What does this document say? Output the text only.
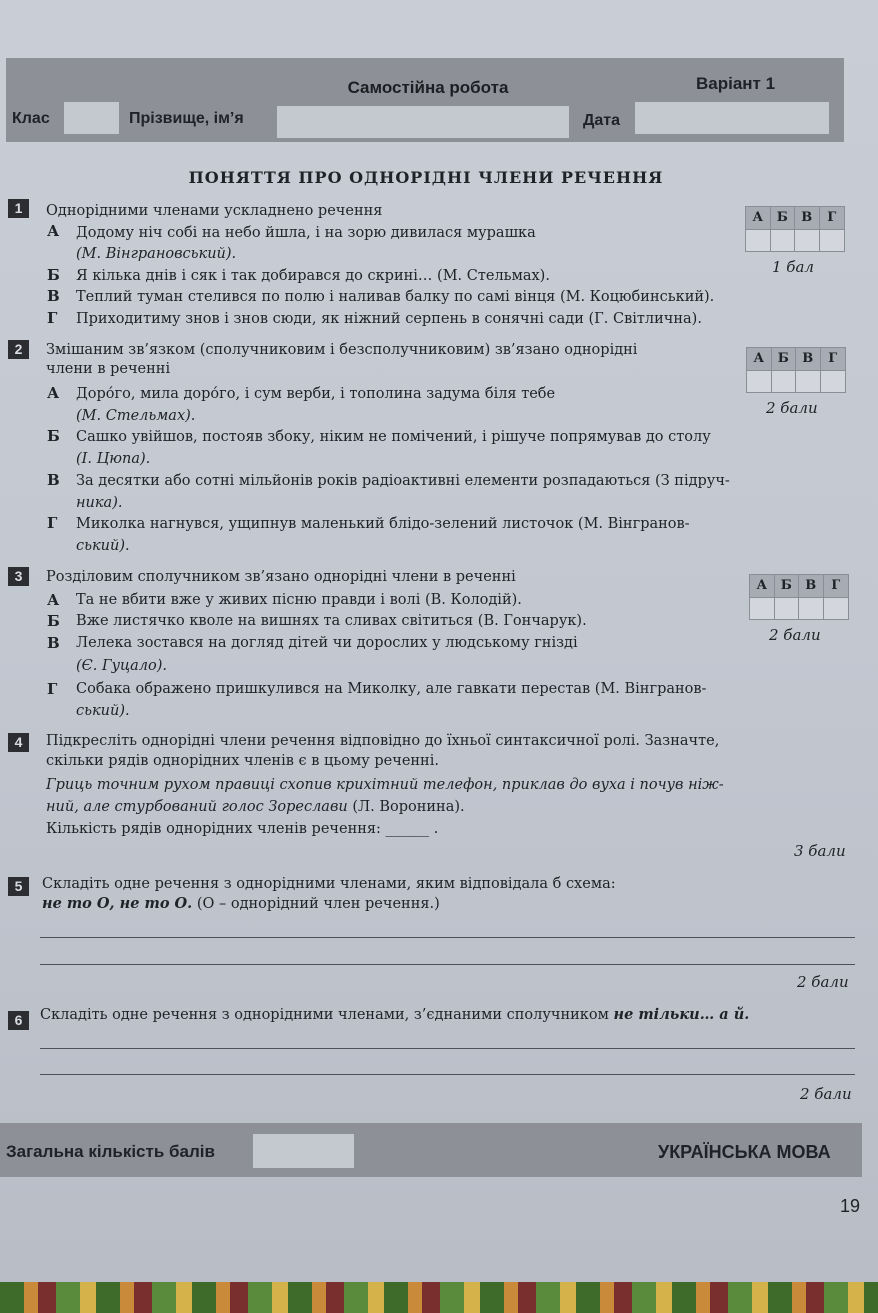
Самостійна робота	Варіант 1
Клас	Прізвище, ім’я	Дата
ПОНЯТТЯ ПРО ОДНОРІДНІ ЧЛЕНИ РЕЧЕННЯ
1	Однорідними членами ускладнено речення
А Додому ніч собі на небо йшла, і на зорю дивилася мурашка
(М. Вінграновський).
Б Я кілька днів і сяк і так добирався до скрині… (М. Стельмах).
В Теплий туман стелився по полю і наливав балку по самі вінця (М. Коцюбинський).
Г Приходитиму знов і знов сюди, як ніжний серпень в сонячні сади (Г. Світлична).
А	Б	В	Г
1 бал
2	Змішаним зв’язком (сполучниковим і безсполучниковим) зв’язано однорідні
члени в реченні
А Доро́го, мила доро́го, і сум верби, і тополина задума біля тебе
(М. Стельмах).
Б Сашко увійшов, постояв збоку, ніким не помічений, і рішуче попрямував до столу
(І. Цюпа).
В За десятки або сотні мільйонів років радіоактивні елементи розпадаються (З підруч-
ника).
Г Миколка нагнувся, ущипнув маленький блідо-зелений листочок (М. Вінгранов-
ський).
А	Б	В	Г
2 бали
3	Розділовим сполучником зв’язано однорідні члени в реченні
А Та не вбити вже у живих пісню правди і волі (В. Колодій).
Б Вже листячко кволе на вишнях та сливах світиться (В. Гончарук).
В Лелека зостався на догляд дітей чи дорослих у людському гнізді
(Є. Гуцало).
Г Собака ображено пришкулився на Миколку, але гавкати перестав (М. Вінгранов-
ський).
А	Б	В	Г
2 бали
4	Підкресліть однорідні члени речення відповідно до їхньої синтаксичної ролі. Зазначте,
скільки рядів однорідних членів є в цьому реченні.
Гриць точним рухом правиці схопив крихітний телефон, приклав до вуха і почув ніж-
ний, але стурбований голос Зореслави (Л. Воронина).
Кількість рядів однорідних членів речення: ______ .
3 бали
5	Складіть одне речення з однорідними членами, яким відповідала б схема:
не то О, не то О. (О – однорідний член речення.)
2 бали
6	Складіть одне речення з однорідними членами, з’єднаними сполучником не тільки… а й.
2 бали
Загальна кількість балів	УКРАЇНСЬКА МОВА
19
